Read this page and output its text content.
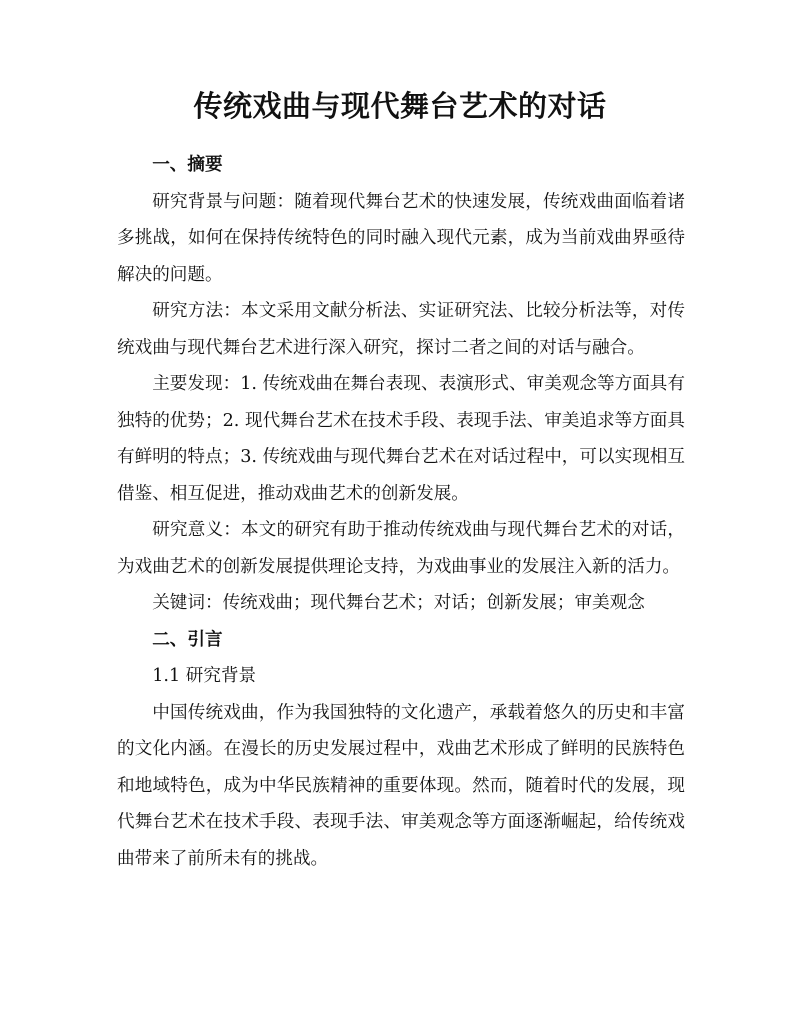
传统戏曲与现代舞台艺术的对话

一、摘要

研究背景与问题：随着现代舞台艺术的快速发展，传统戏曲面临着诸多挑战，如何在保持传统特色的同时融入现代元素，成为当前戏曲界亟待解决的问题。

研究方法：本文采用文献分析法、实证研究法、比较分析法等，对传统戏曲与现代舞台艺术进行深入研究，探讨二者之间的对话与融合。

主要发现：1. 传统戏曲在舞台表现、表演形式、审美观念等方面具有独特的优势；2. 现代舞台艺术在技术手段、表现手法、审美追求等方面具有鲜明的特点；3. 传统戏曲与现代舞台艺术在对话过程中，可以实现相互借鉴、相互促进，推动戏曲艺术的创新发展。

研究意义：本文的研究有助于推动传统戏曲与现代舞台艺术的对话，为戏曲艺术的创新发展提供理论支持，为戏曲事业的发展注入新的活力。

关键词：传统戏曲；现代舞台艺术；对话；创新发展；审美观念

二、引言

1.1 研究背景

中国传统戏曲，作为我国独特的文化遗产，承载着悠久的历史和丰富的文化内涵。在漫长的历史发展过程中，戏曲艺术形成了鲜明的民族特色和地域特色，成为中华民族精神的重要体现。然而，随着时代的发展，现代舞台艺术在技术手段、表现手法、审美观念等方面逐渐崛起，给传统戏曲带来了前所未有的挑战。
